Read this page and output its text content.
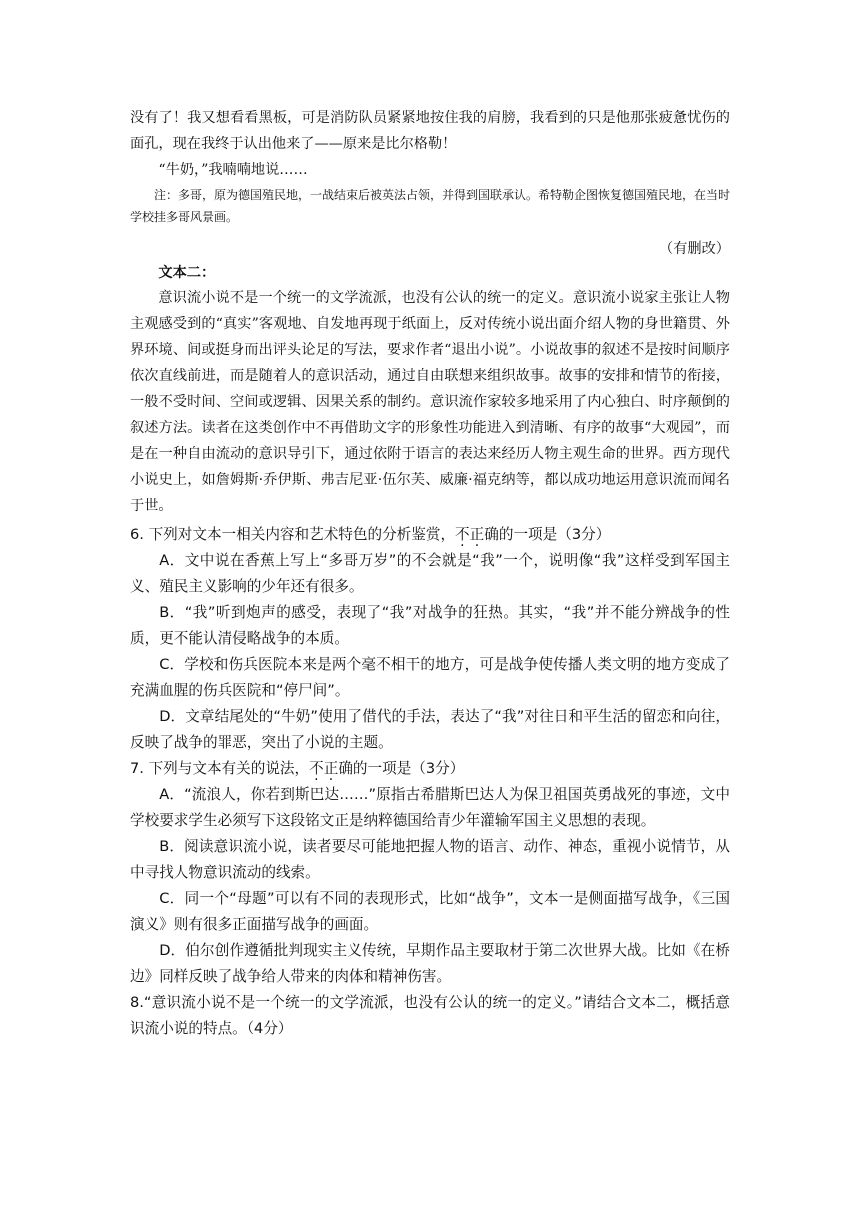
没有了！我又想看看黑板，可是消防队员紧紧地按住我的肩膀，我看到的只是他那张疲惫忧伤的面孔，现在我终于认出他来了——原来是比尔格勒！

“牛奶，”我喃喃地说……

注：多哥，原为德国殖民地，一战结束后被英法占领，并得到国联承认。希特勒企图恢复德国殖民地，在当时学校挂多哥风景画。

（有删改）

文本二：

意识流小说不是一个统一的文学流派，也没有公认的统一的定义。意识流小说家主张让人物主观感受到的“真实”客观地、自发地再现于纸面上，反对传统小说出面介绍人物的身世籍贯、外界环境、间或挺身而出评头论足的写法，要求作者“退出小说”。小说故事的叙述不是按时间顺序依次直线前进，而是随着人的意识活动，通过自由联想来组织故事。故事的安排和情节的衔接，一般不受时间、空间或逻辑、因果关系的制约。意识流作家较多地采用了内心独白、时序颠倒的叙述方法。读者在这类创作中不再借助文字的形象性功能进入到清晰、有序的故事“大观园”，而是在一种自由流动的意识导引下，通过依附于语言的表达来经历人物主观生命的世界。西方现代小说史上，如詹姆斯·乔伊斯、弗吉尼亚·伍尔芙、威廉·福克纳等，都以成功地运用意识流而闻名于世。

6. 下列对文本一相关内容和艺术特色的分析鉴赏，不正确的一项是（3分）

A．文中说在香蕉上写上“多哥万岁”的不会就是“我”一个，说明像“我”这样受到军国主义、殖民主义影响的少年还有很多。

B．“我”听到炮声的感受，表现了“我”对战争的狂热。其实，“我”并不能分辨战争的性质，更不能认清侵略战争的本质。

C．学校和伤兵医院本来是两个毫不相干的地方，可是战争使传播人类文明的地方变成了充满血腥的伤兵医院和“停尸间”。

D．文章结尾处的“牛奶”使用了借代的手法，表达了“我”对往日和平生活的留恋和向往，反映了战争的罪恶，突出了小说的主题。

7. 下列与文本有关的说法，不正确的一项是（3分）

A．“流浪人，你若到斯巴达……”原指古希腊斯巴达人为保卫祖国英勇战死的事迹，文中学校要求学生必须写下这段铭文正是纳粹德国给青少年灌输军国主义思想的表现。

B．阅读意识流小说，读者要尽可能地把握人物的语言、动作、神态，重视小说情节，从中寻找人物意识流动的线索。

C．同一个“母题”可以有不同的表现形式，比如“战争”，文本一是侧面描写战争，《三国演义》则有很多正面描写战争的画面。

D．伯尔创作遵循批判现实主义传统，早期作品主要取材于第二次世界大战。比如《在桥边》同样反映了战争给人带来的肉体和精神伤害。

8.“意识流小说不是一个统一的文学流派，也没有公认的统一的定义。”请结合文本二，概括意识流小说的特点。（4分）
